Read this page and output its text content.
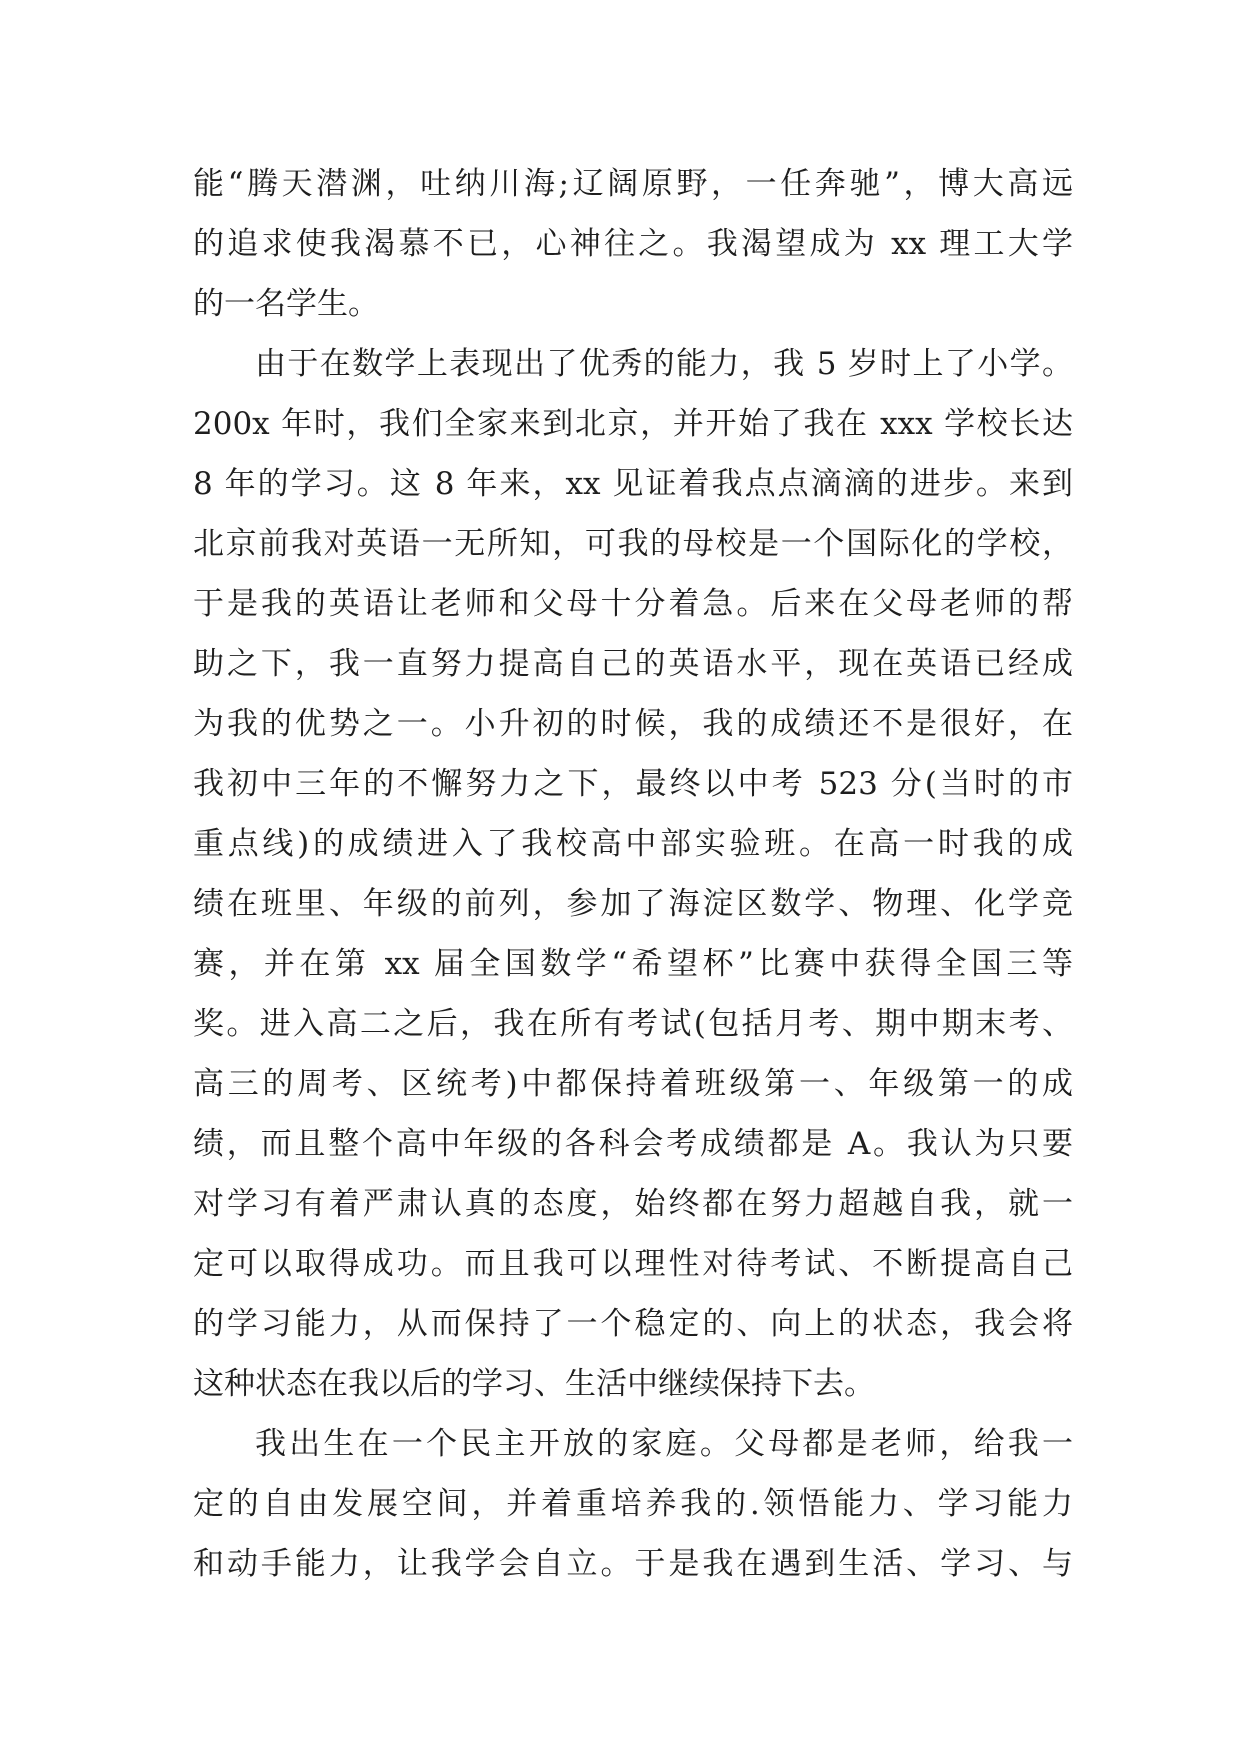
能“腾天潜渊，吐纳川海;辽阔原野，一任奔驰”，博大高远
的追求使我渴慕不已，心神往之。我渴望成为 xx 理工大学
的一名学生。
由于在数学上表现出了优秀的能力，我 5 岁时上了小学。
200x 年时，我们全家来到北京，并开始了我在 xxx 学校长达
8 年的学习。这 8 年来，xx 见证着我点点滴滴的进步。来到
北京前我对英语一无所知，可我的母校是一个国际化的学校，
于是我的英语让老师和父母十分着急。后来在父母老师的帮
助之下，我一直努力提高自己的英语水平，现在英语已经成
为我的优势之一。小升初的时候，我的成绩还不是很好，在
我初中三年的不懈努力之下，最终以中考 523 分(当时的市
重点线)的成绩进入了我校高中部实验班。在高一时我的成
绩在班里、年级的前列，参加了海淀区数学、物理、化学竞
赛，并在第 xx 届全国数学“希望杯”比赛中获得全国三等
奖。进入高二之后，我在所有考试(包括月考、期中期末考、
高三的周考、区统考)中都保持着班级第一、年级第一的成
绩，而且整个高中年级的各科会考成绩都是 A。我认为只要
对学习有着严肃认真的态度，始终都在努力超越自我，就一
定可以取得成功。而且我可以理性对待考试、不断提高自己
的学习能力，从而保持了一个稳定的、向上的状态，我会将
这种状态在我以后的学习、生活中继续保持下去。
我出生在一个民主开放的家庭。父母都是老师，给我一
定的自由发展空间，并着重培养我的.领悟能力、学习能力
和动手能力，让我学会自立。于是我在遇到生活、学习、与
